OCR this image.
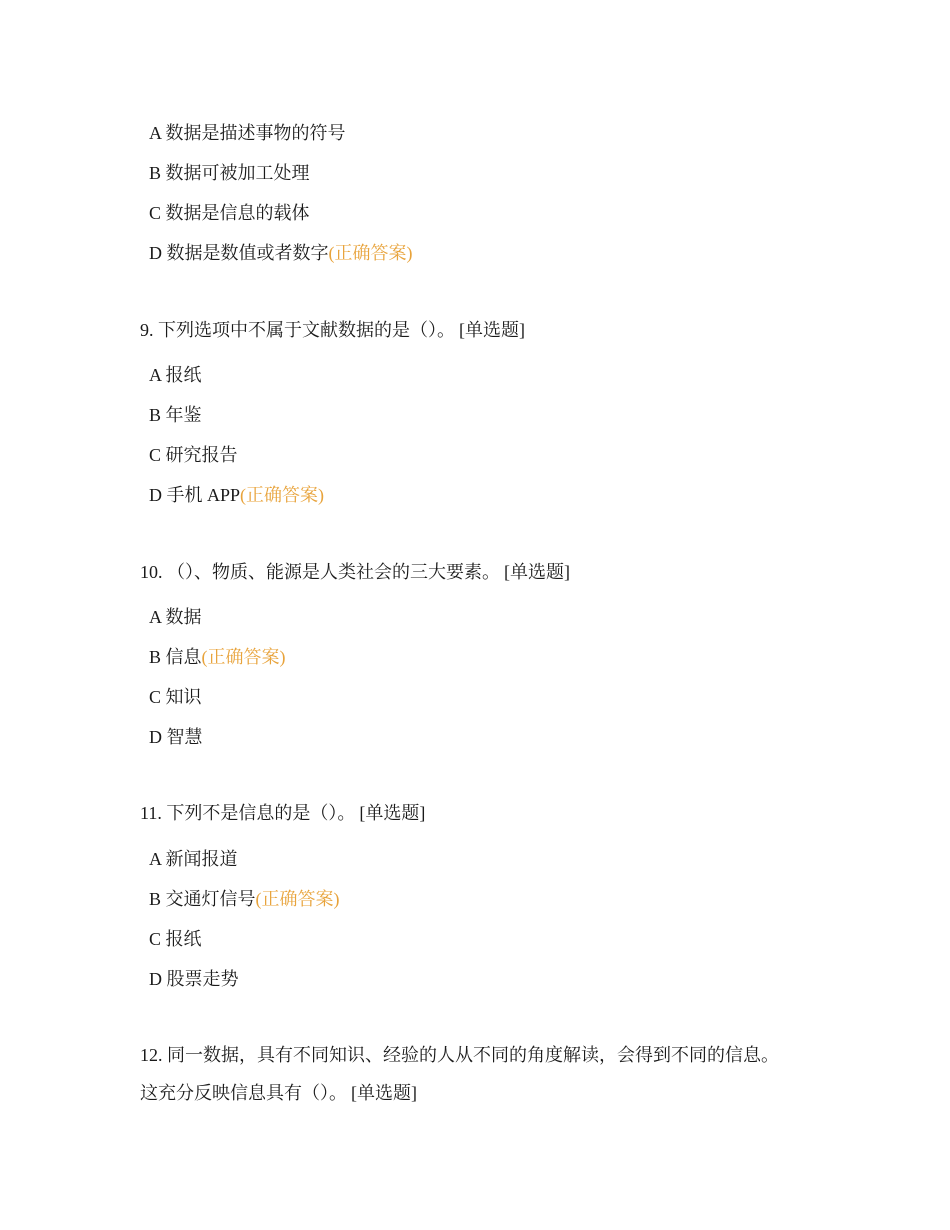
A 数据是描述事物的符号
B 数据可被加工处理
C 数据是信息的载体
D 数据是数值或者数字(正确答案)
9. 下列选项中不属于文献数据的是（）。 [单选题]
A 报纸
B 年鉴
C 研究报告
D 手机 APP(正确答案)
10. （）、物质、能源是人类社会的三大要素。 [单选题]
A 数据
B 信息(正确答案)
C 知识
D 智慧
11. 下列不是信息的是（）。 [单选题]
A 新闻报道
B 交通灯信号(正确答案)
C 报纸
D 股票走势
12. 同一数据，具有不同知识、经验的人从不同的角度解读，会得到不同的信息。
这充分反映信息具有（）。 [单选题]
